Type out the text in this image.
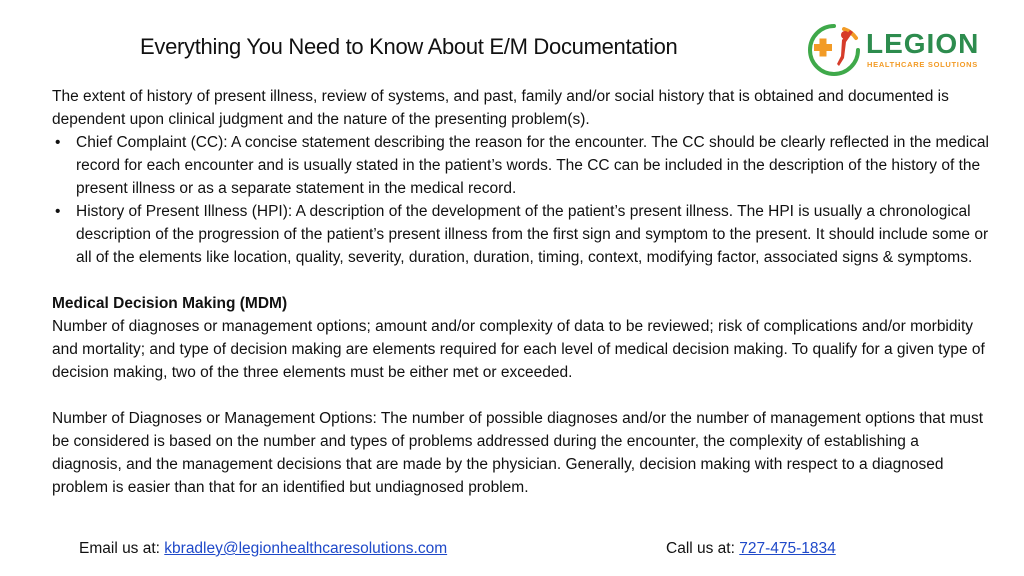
Everything You Need to Know About E/M Documentation	LEGION
HEALTHCARE SOLUTIONS

The extent of history of present illness, review of systems, and past, family and/or social history that is obtained and documented is dependent upon clinical judgment and the nature of the presenting problem(s).

• Chief Complaint (CC): A concise statement describing the reason for the encounter. The CC should be clearly reflected in the medical record for each encounter and is usually stated in the patient’s words. The CC can be included in the description of the history of the present illness or as a separate statement in the medical record.
• History of Present Illness (HPI): A description of the development of the patient’s present illness. The HPI is usually a chronological description of the progression of the patient’s present illness from the first sign and symptom to the present. It should include some or all of the elements like location, quality, severity, duration, duration, timing, context, modifying factor, associated signs & symptoms.

Medical Decision Making (MDM)

Number of diagnoses or management options; amount and/or complexity of data to be reviewed; risk of complications and/or morbidity and mortality; and type of decision making are elements required for each level of medical decision making. To qualify for a given type of decision making, two of the three elements must be either met or exceeded.

Number of Diagnoses or Management Options: The number of possible diagnoses and/or the number of management options that must be considered is based on the number and types of problems addressed during the encounter, the complexity of establishing a diagnosis, and the management decisions that are made by the physician. Generally, decision making with respect to a diagnosed problem is easier than that for an identified but undiagnosed problem.

Email us at: kbradley@legionhealthcaresolutions.com	Call us at: 727-475-1834
